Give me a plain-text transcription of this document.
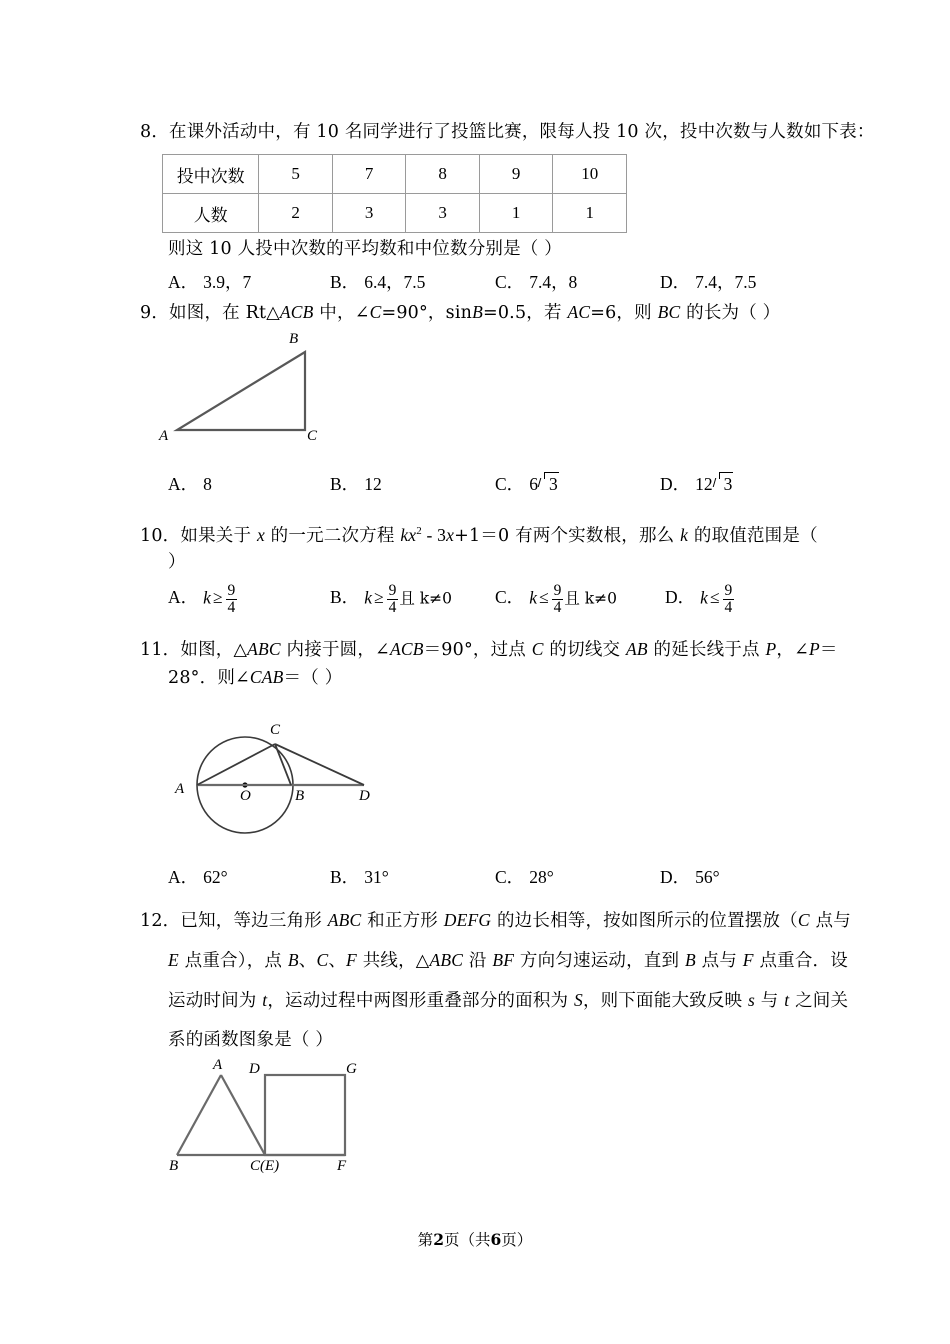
8．在课外活动中，有 10 名同学进行了投篮比赛，限每人投 10 次，投中次数与人数如下表：
投中次数	5	7	8	9	10
人数	2	3	3	1	1
则这 10 人投中次数的平均数和中位数分别是（ ）
A． 3.9，7	B． 6.4，7.5	C． 7.4，8	D． 7.4，7.5
9．如图，在 Rt△ACB 中，∠C=90°，sinB=0.5，若 AC=6，则 BC 的长为（ ）
B
A	C
A． 8	B． 12	C． 6 3	D． 12 3
10．如果关于 x 的一元二次方程 $kx^2 - 3x+1=0$ 有两个实数根，那么 k 的取值范围是（
）
A． $k \ge \frac{9}{4}$	B． $k \ge \frac{9}{4}$ 且 k≠0 C． $k \le \frac{9}{4}$ 且 k≠0	D． $k \le \frac{9}{4}$
11．如图，△ABC 内接于圆，∠ACB＝90°，过点 C 的切线交 AB 的延长线于点 P，∠P＝
28°．则∠CAB＝（ ）
A	O	B
C
D
A． 62°	B． 31°	C． 28°	D． 56°
12．已知，等边三角形 ABC 和正方形 DEFG 的边长相等，按如图所示的位置摆放（C 点与
E 点重合），点 B、C、F 共线，△ABC 沿 BF 方向匀速运动，直到 B 点与 F 点重合．设
运动时间为 t，运动过程中两图形重叠部分的面积为 S，则下面能大致反映 s 与 t 之间关
系的函数图象是（ ）
A
B	C(E)
D
F
G
第2页（共6页）
